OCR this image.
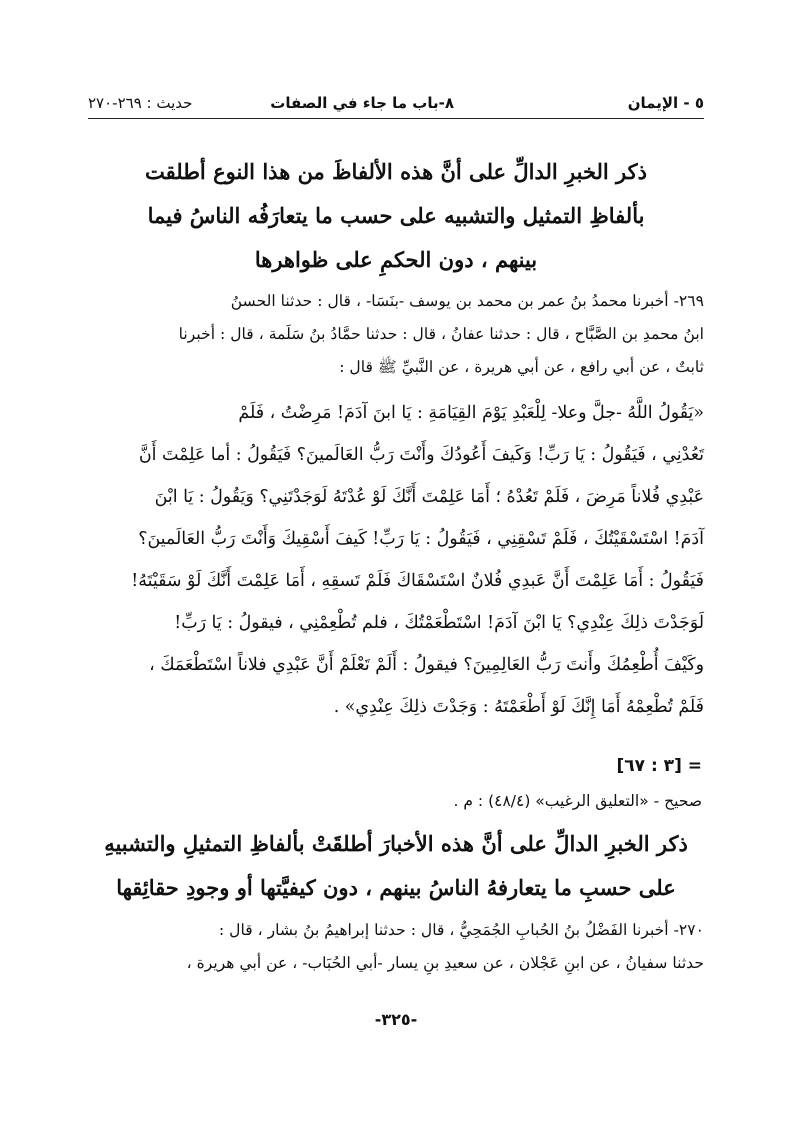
٥ - الإيمان
٨-باب ما جاء في الصفات
حديث : ٢٦٩-٢٧٠
ذكر الخبرِ الدالِّ على أنَّ هذه الألفاظَ من هذا النوع أطلقت
بألفاظِ التمثيل والتشبيه على حسب ما يتعارَفُه الناسُ فيما
بينهم ، دون الحكمِ على ظواهرها

٢٦٩- أخبرنا محمدُ بنُ عمر بن محمد بن يوسف -بنَسَا- ، قال : حدثنا الحسنُ

ابنُ محمدِ بن الصَّبَّاح ، قال : حدثنا عفانُ ، قال : حدثنا حمَّادُ بنُ سَلَمة ، قال : أخبرنا

ثابتٌ ، عن أبي رافع ، عن أبي هريرة ، عن النَّبيِّ ﷺ قال :

«يَقُولُ اللَّهُ -جلَّ وعلا- لِلْعَبْدِ يَوْمَ القِيَامَةِ : يَا ابنَ آدَمَ! مَرِضْتُ ، فَلَمْ
تَعُدْنِي ، فَيَقُولُ : يَا رَبِّ! وَكَيفَ أَعُودُكَ وأَنْتَ رَبُّ العَالَمينَ؟ فَيَقُولُ : أما عَلِمْتَ أَنَّ
عَبْدِي فُلاناً مَرِضَ ، فَلَمْ تَعُدْهُ ؛ أَمَا عَلِمْتَ أَنَّكَ لَوْ عُدْتَهُ لَوَجَدْتَنِي؟ وَيَقُولُ : يَا ابْنَ
آدَمَ! اسْتَسْقَيْتُكَ ، فَلَمْ تَسْقِنِي ، فَيَقُولُ : يَا رَبِّ! كَيفَ أَسْقِيكَ وَأَنْتَ رَبُّ العَالَمينَ؟
فَيَقُولُ : أَمَا عَلِمْتَ أَنَّ عَبدِي فُلانٌ اسْتَسْقَاكَ فَلَمْ تَسقِهِ ، أَمَا عَلِمْتَ أَنَّكَ لَوْ سَقَيْتَهُ!
لَوَجَدْتَ ذلِكَ عِنْدِي؟ يَا ابْنَ آدَمَ! اسْتَطْعَمْتُكَ ، فلم تُطْعِمْنِي ، فيقولُ : يَا رَبِّ!
وكَيْفَ أُطْعِمُكَ وأَنتَ رَبُّ العَالِمِينَ؟ فيقولُ : أَلَمْ تَعْلَمْ أَنَّ عَبْدِي فلاناً اسْتَطْعَمَكَ ،
فَلَمْ تُطْعِمْهُ أَمَا إِنَّكَ لَوْ أَطْعَمْتَهُ : وَجَدْتَ ذلِكَ عِنْدِي» .
= [٣ : ٦٧]
صحيح - «التعليق الرغيب» (٤٨/٤) : م .
ذكر الخبرِ الدالِّ على أنَّ هذه الأخبارَ أطلقَتْ بألفاظِ التمثيلِ والتشبيهِ
على حسبِ ما يتعارفهُ الناسُ بينهم ، دون كيفيَّتها أو وجودِ حقائِقها

٢٧٠- أخبرنا الفَضْلُ بنُ الحُبابِ الجُمَحِيُّ ، قال : حدثنا إبراهيمُ بنُ بشار ، قال :

حدثنا سفيانُ ، عن ابنِ عَجْلان ، عن سعيدِ بنِ يسار -أبي الحُبَاب- ، عن أبي هريرة ،

-٣٢٥-
